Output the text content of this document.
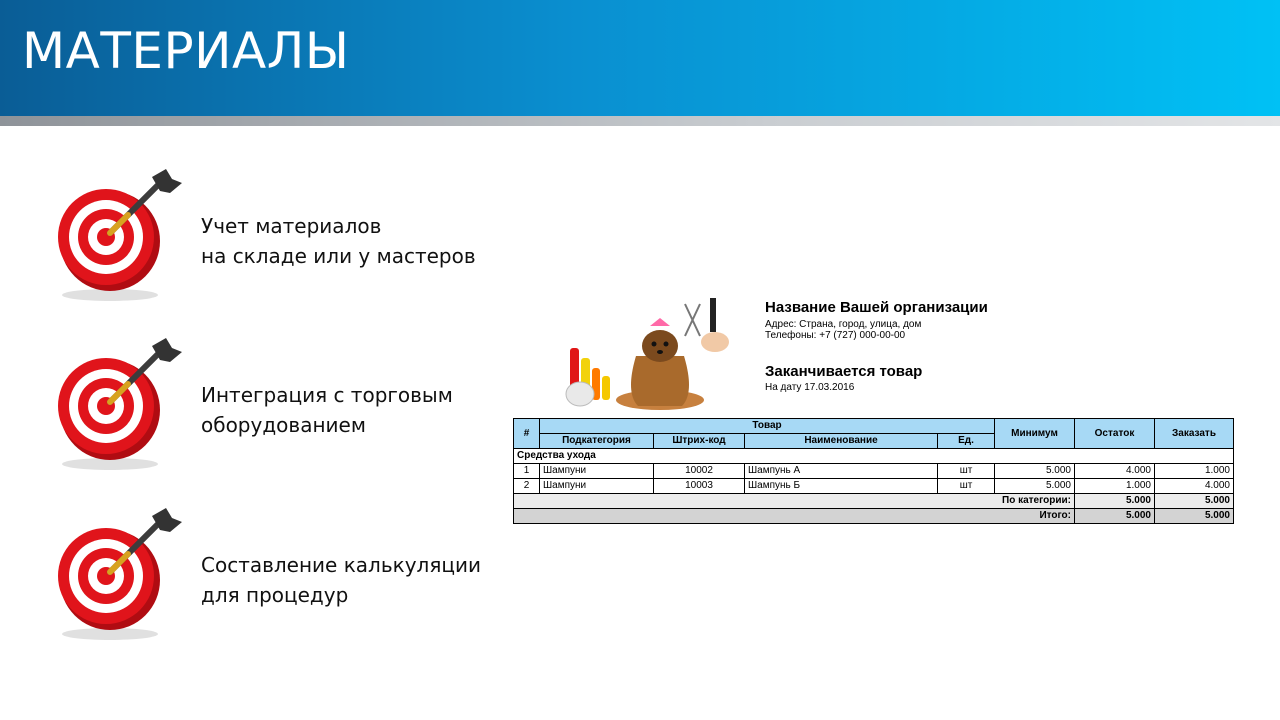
МАТЕРИАЛЫ
Учет материалов
на складе или у мастеров
Интеграция с торговым
оборудованием
Составление калькуляции
для процедур
Название Вашей организации
Адрес: Страна, город, улица, дом
Телефоны: +7 (727) 000-00-00
Заканчивается товар
На дату 17.03.2016
#	Товар				Минимум	Остаток	Заказать
	Подкатегория	Штрих-код	Наименование	Ед.			
Средства ухода							
1	Шампуни	10002	Шампунь А	шт	5.000	4.000	1.000
2	Шампуни	10003	Шампунь Б	шт	5.000	1.000	4.000
По категории:						5.000	5.000
Итого:						5.000	5.000
